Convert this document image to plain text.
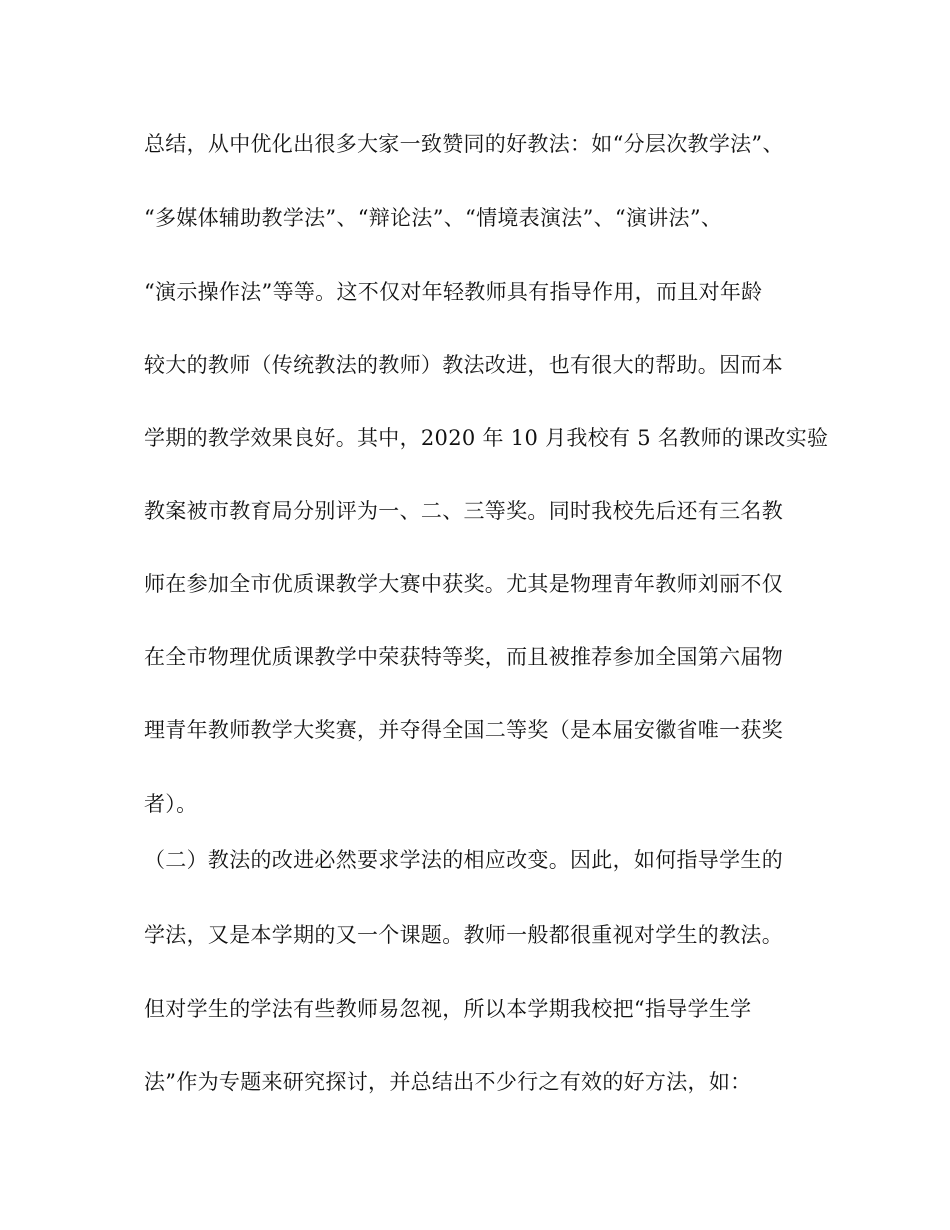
总结，从中优化出很多大家一致赞同的好教法：如“分层次教学法”、
“多媒体辅助教学法”、“辩论法”、“情境表演法”、“演讲法”、
“演示操作法”等等。这不仅对年轻教师具有指导作用，而且对年龄
较大的教师（传统教法的教师）教法改进，也有很大的帮助。因而本
学期的教学效果良好。其中，2020 年 10 月我校有 5 名教师的课改实验
教案被市教育局分别评为一、二、三等奖。同时我校先后还有三名教
师在参加全市优质课教学大赛中获奖。尤其是物理青年教师刘丽不仅
在全市物理优质课教学中荣获特等奖，而且被推荐参加全国第六届物
理青年教师教学大奖赛，并夺得全国二等奖（是本届安徽省唯一获奖
者）。
（二）教法的改进必然要求学法的相应改变。因此，如何指导学生的
学法，又是本学期的又一个课题。教师一般都很重视对学生的教法。
但对学生的学法有些教师易忽视，所以本学期我校把“指导学生学
法”作为专题来研究探讨，并总结出不少行之有效的好方法，如：
